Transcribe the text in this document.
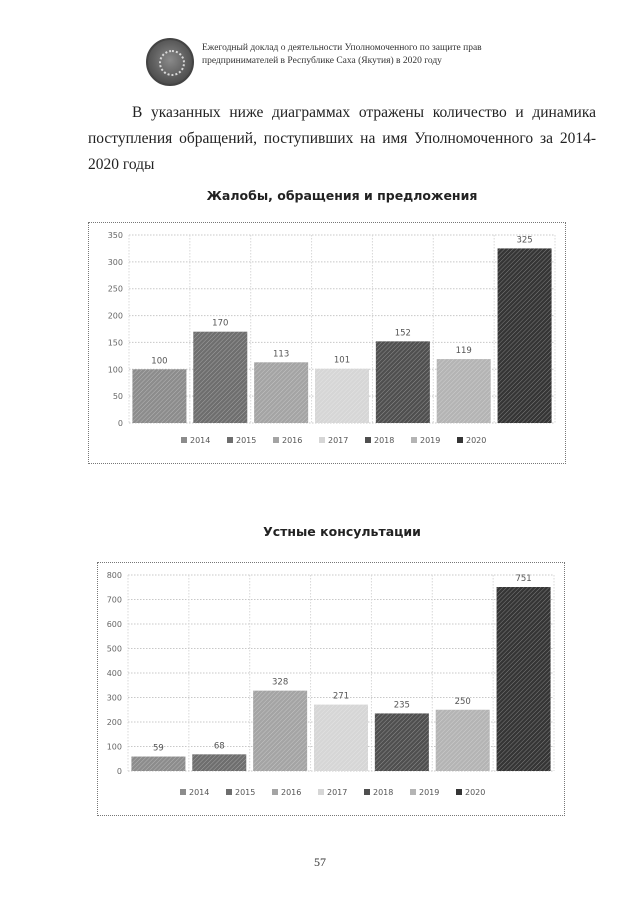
Ежегодный доклад о деятельности Уполномоченного по защите прав
предпринимателей в Республике Саха (Якутия) в 2020 году
В указанных ниже диаграммах отражены количество и динамика поступления обращений, поступивших на имя Уполномоченного за 2014-2020 годы
Жалобы, обращения и предложения
0
50
100
150
200
250
300
350
100
170
113
101
152
119
325
2014	2015	2016	2017	2018	2019	2020
Устные консультации
0
100
200
300
400
500
600
700
800
59	68
328
271
235	250
751
2014	2015	2016	2017	2018	2019	2020
57
